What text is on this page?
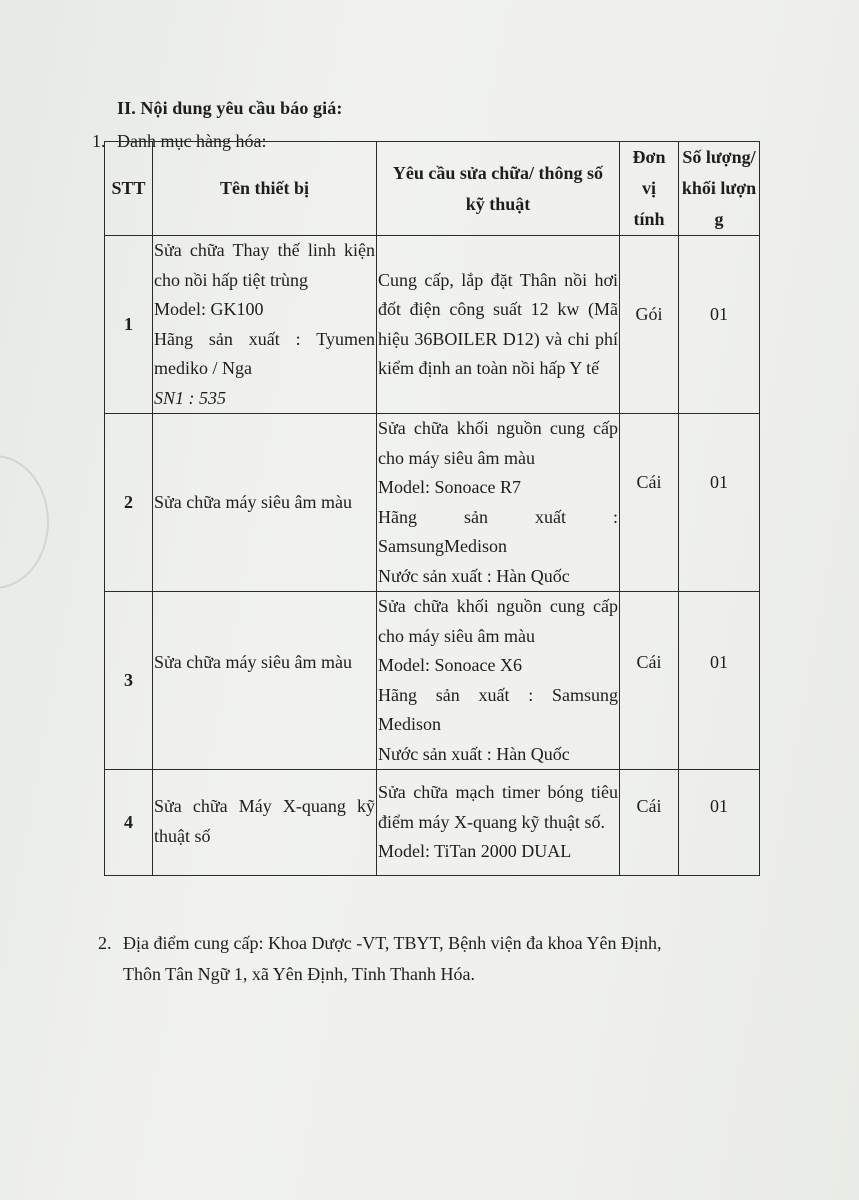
II. Nội dung yêu cầu báo giá:
1. Danh mục hàng hóa:
STT	Tên thiết bị	Yêu cầu sửa chữa/ thông số kỹ thuật	Đơn vị tính	Số lượng/khối lượng
1	Sửa chữa Thay thế linh kiện cho nồi hấp tiệt trùng
Model: GK100
Hãng sản xuất : Tyumen mediko / Nga
SN1 : 535	Cung cấp, lắp đặt Thân nồi hơi đốt điện công suất 12 kw (Mã hiệu 36BOILER D12) và chi phí kiểm định an toàn nồi hấp Y tế	Gói	01
2	Sửa chữa máy siêu âm màu	Sửa chữa khối nguồn cung cấp cho máy siêu âm màu
Model: Sonoace R7
Hãng sản xuất : SamsungMedison
Nước sản xuất : Hàn Quốc	Cái	01
3	Sửa chữa máy siêu âm màu	Sửa chữa khối nguồn cung cấp cho máy siêu âm màu
Model: Sonoace X6
Hãng sản xuất : Samsung Medison
Nước sản xuất : Hàn Quốc	Cái	01
4	Sửa chữa Máy X-quang kỹ thuật số	Sửa chữa mạch timer bóng tiêu điểm máy X-quang kỹ thuật số.
Model: TiTan 2000 DUAL	Cái	01
2. Địa điểm cung cấp: Khoa Dược -VT, TBYT, Bệnh viện đa khoa Yên Định,
Thôn Tân Ngữ 1, xã Yên Định, Tỉnh Thanh Hóa.
